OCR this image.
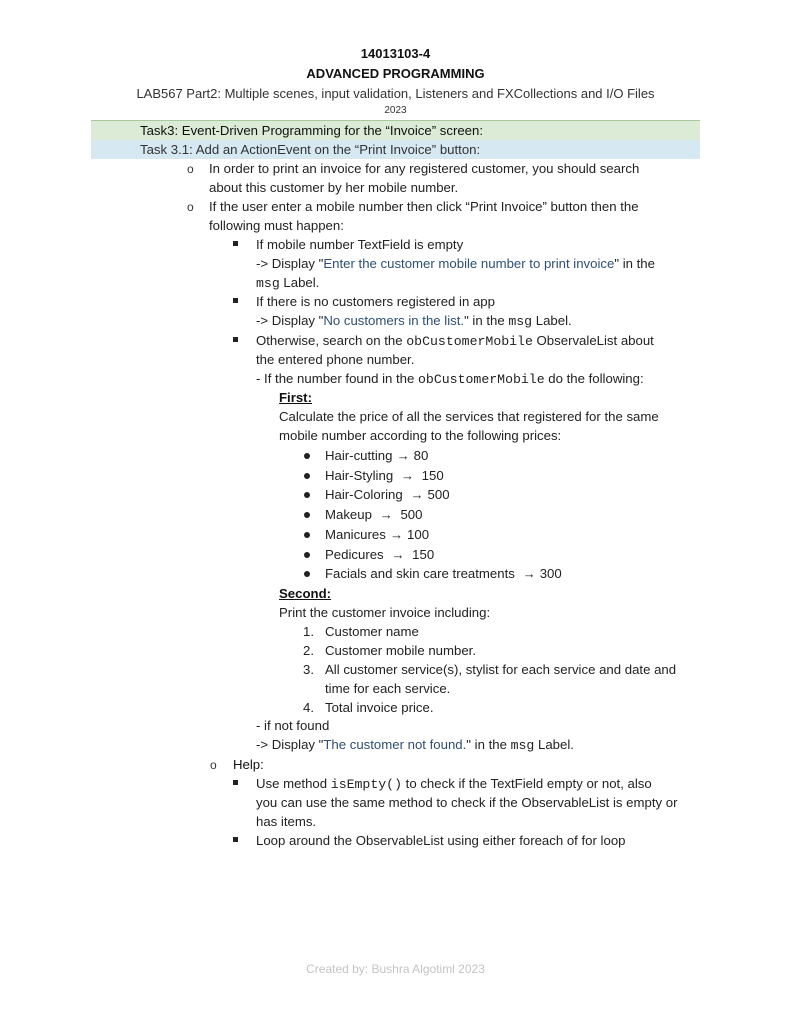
14013103-4
ADVANCED PROGRAMMING
LAB567 Part2: Multiple scenes, input validation, Listeners and FXCollections and I/O Files
2023
Task3: Event-Driven Programming for the “Invoice” screen:
Task 3.1: Add an ActionEvent on the “Print Invoice” button:
o In order to print an invoice for any registered customer, you should search
about this customer by her mobile number.
o If the user enter a mobile number then click “Print Invoice” button then the
following must happen:
If mobile number TextField is empty
-> Display "Enter the customer mobile number to print invoice" in the
msg Label.
If there is no customers registered in app
-> Display "No customers in the list." in the msg Label.
Otherwise, search on the obCustomerMobile ObservaleList about
the entered phone number.
- If the number found in the obCustomerMobile do the following:
First:
Calculate the price of all the services that registered for the same
mobile number according to the following prices:
Hair-cutting → 80
Hair-Styling → 150
Hair-Coloring → 500
Makeup → 500
Manicures → 100
Pedicures → 150
Facials and skin care treatments → 300
Second:
Print the customer invoice including:
1. Customer name
2. Customer mobile number.
3. All customer service(s), stylist for each service and date and
time for each service.
4. Total invoice price.
- if not found
-> Display "The customer not found." in the msg Label.
o Help:
Use method isEmpty() to check if the TextField empty or not, also
you can use the same method to check if the ObservableList is empty or
has items.
Loop around the ObservableList using either foreach of for loop
Created by: Bushra Algotiml 2023
